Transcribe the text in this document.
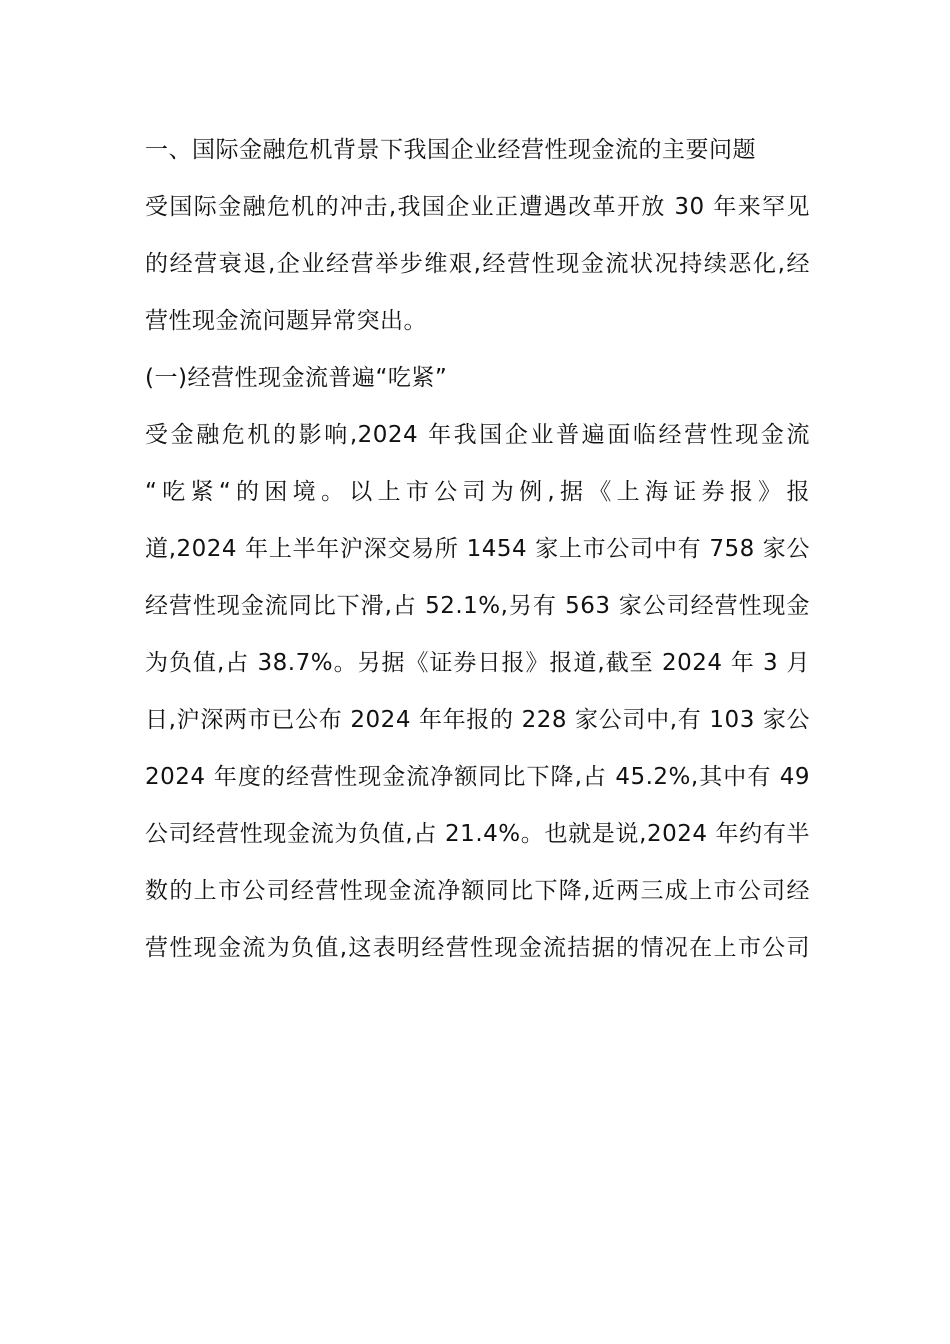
一、国际金融危机背景下我国企业经营性现金流的主要问题
受国际金融危机的冲击,我国企业正遭遇改革开放 30 年来罕见
的经营衰退,企业经营举步维艰,经营性现金流状况持续恶化,经
营性现金流问题异常突出。
(一)经营性现金流普遍“吃紧”
受金融危机的影响,2024 年我国企业普遍面临经营性现金流
“吃紧“的困境。以上市公司为例,据《上海证券报》报
道,2024 年上半年沪深交易所 1454 家上市公司中有 758 家公
经营性现金流同比下滑,占 52.1%,另有 563 家公司经营性现金
为负值,占 38.7%。另据《证券日报》报道,截至 2024 年 3 月
日,沪深两市已公布 2024 年年报的 228 家公司中,有 103 家公
2024 年度的经营性现金流净额同比下降,占 45.2%,其中有 49
公司经营性现金流为负值,占 21.4%。也就是说,2024 年约有半
数的上市公司经营性现金流净额同比下降,近两三成上市公司经
营性现金流为负值,这表明经营性现金流拮据的情况在上市公司
